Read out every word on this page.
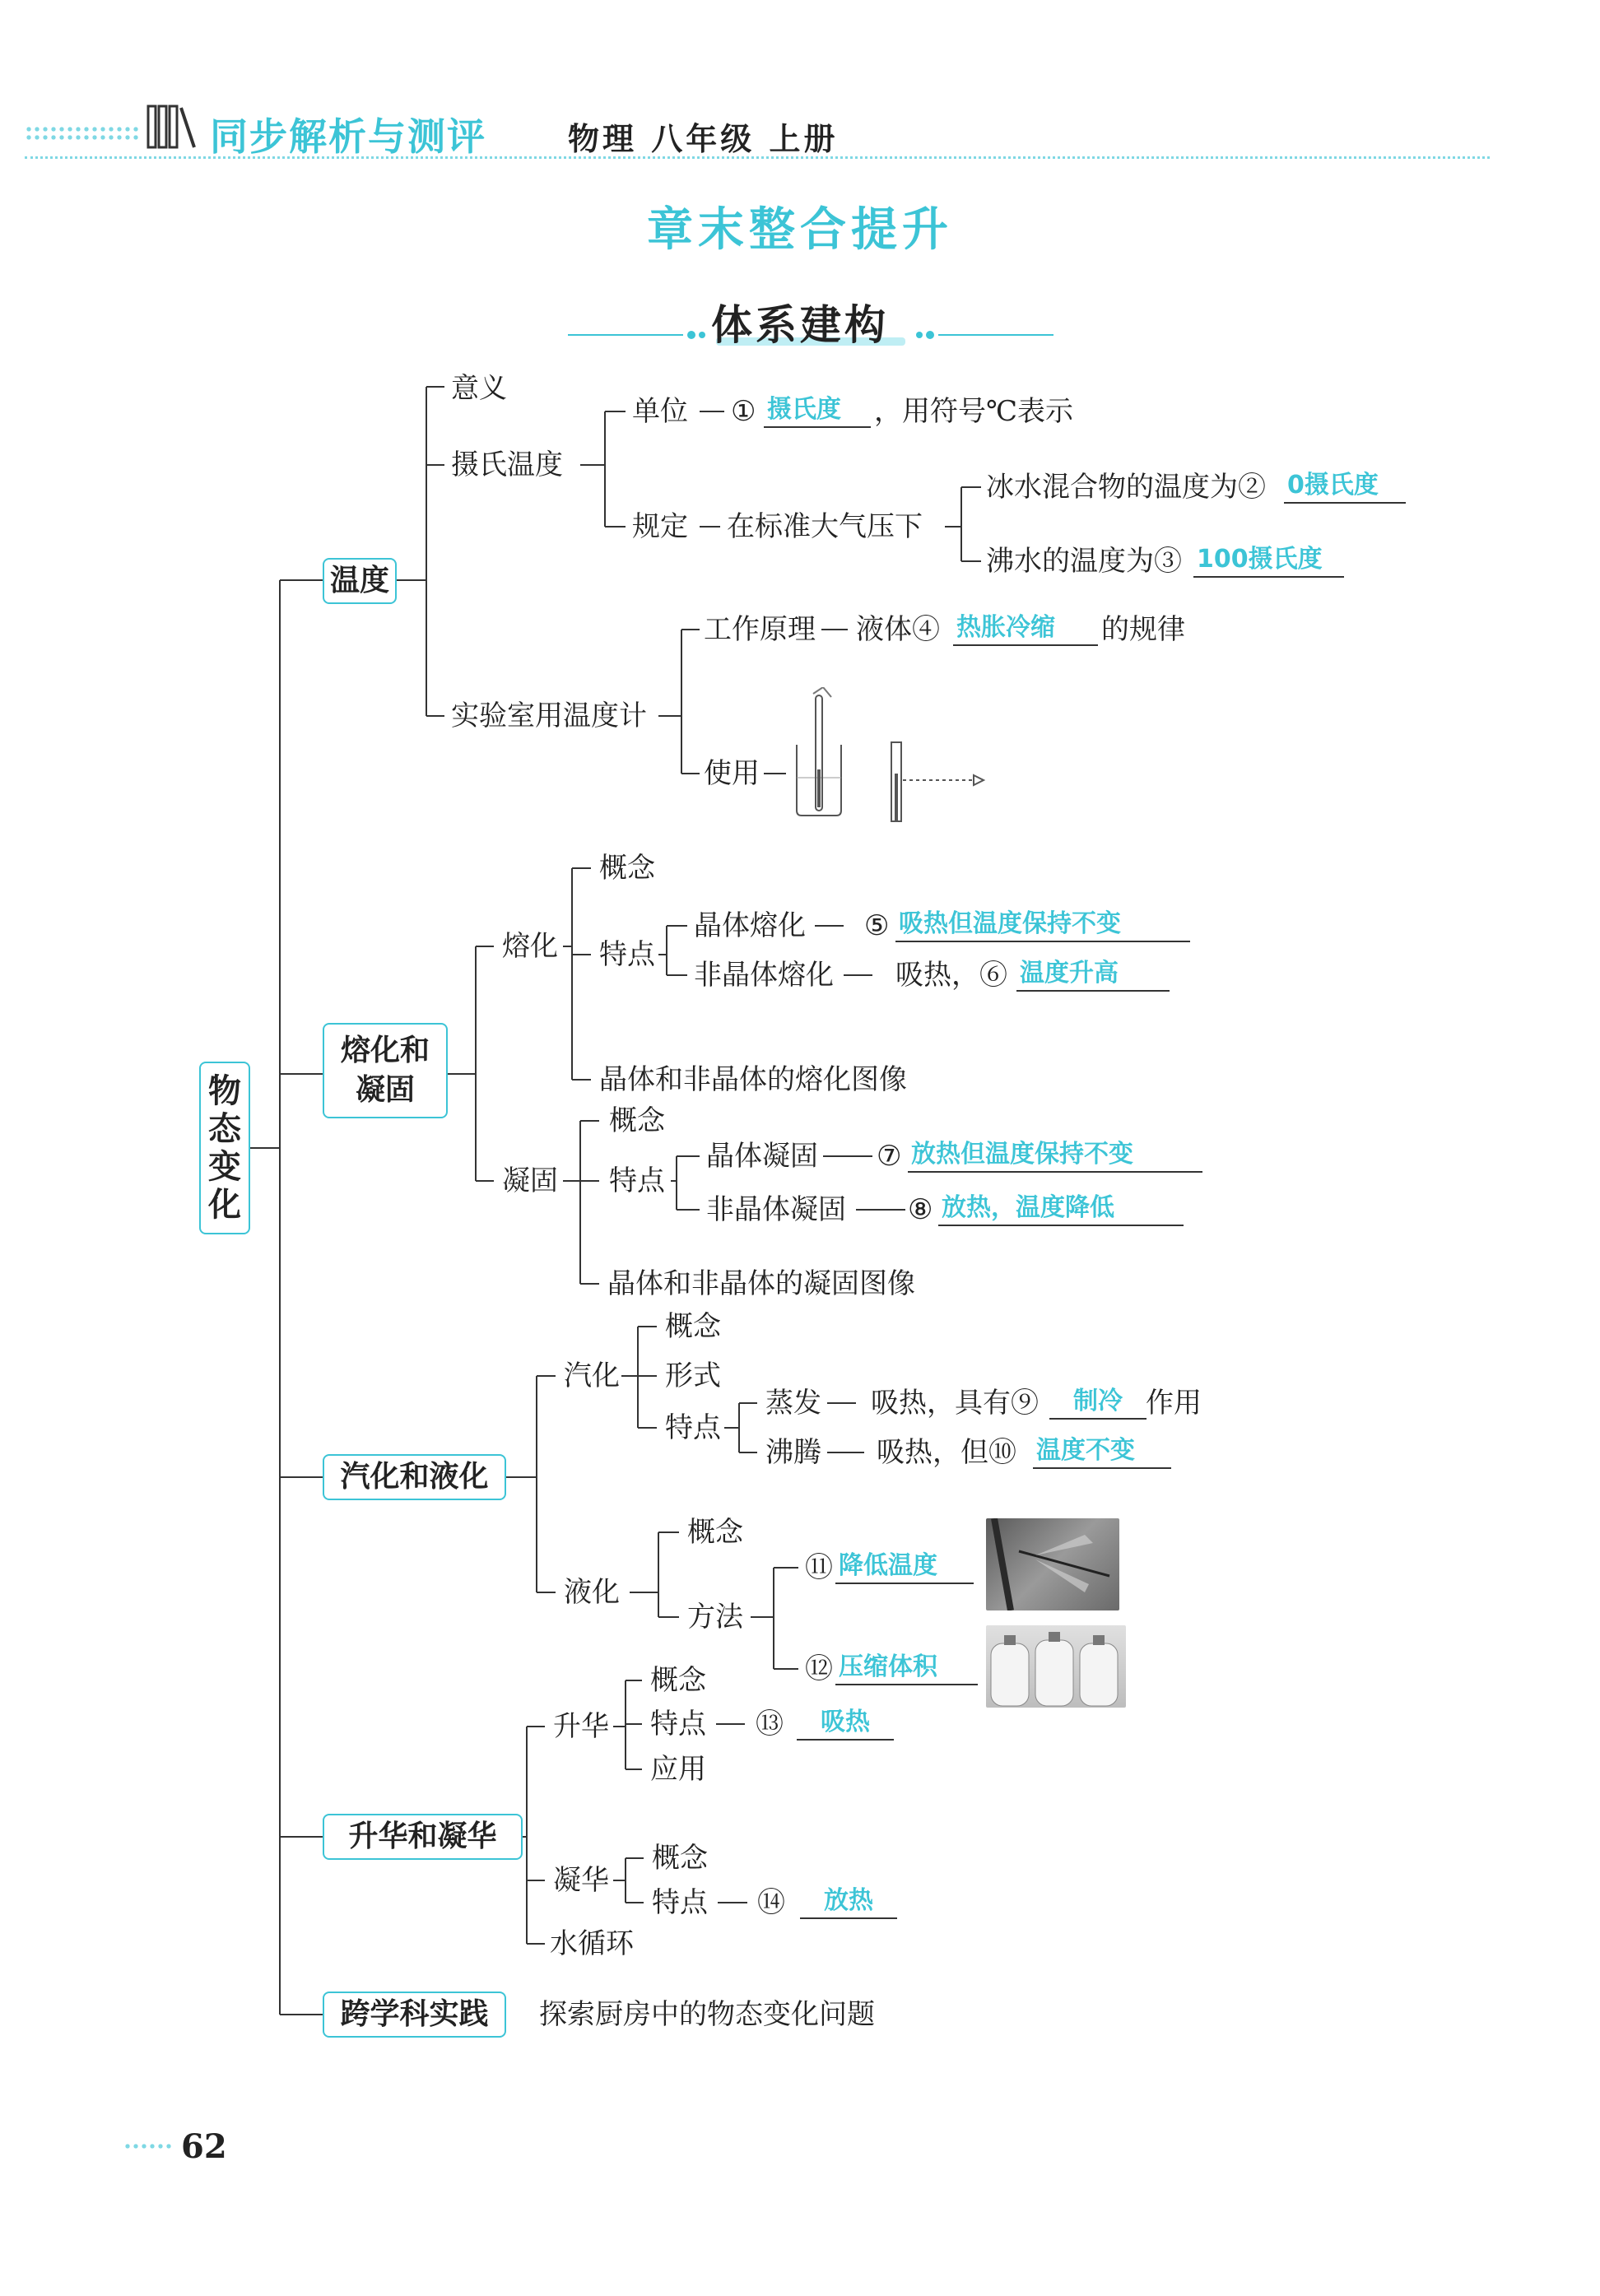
同步解析与测评	物理 八年级 上册
章末整合提升
体系建构
物态变化
温度
熔化和凝固
汽化和液化
升华和凝华
跨学科实践
意义
摄氏温度
单位 ① 摄氏度	，用符号℃表示
规定 在标准大气压下
冰水混合物的温度为② 0摄氏度
沸水的温度为③ 100摄氏度
实验室用温度计
工作原理 液体④ 热胀冷缩	的规律
使用
熔化
概念
特点
晶体熔化 ⑤ 吸热但温度保持不变
非晶体熔化 吸热，⑥ 温度升高
晶体和非晶体的熔化图像
凝固
概念
特点
晶体凝固 ⑦ 放热但温度保持不变
非晶体凝固 ⑧ 放热，温度降低
晶体和非晶体的凝固图像
汽化
概念
形式
特点
蒸发 吸热，具有⑨	制冷 作用
沸腾 吸热，但⑩ 温度不变
液化
概念
方法
⑪ 降低温度
⑫ 压缩体积
升华
概念
特点 ⑬	吸热
应用
凝华
概念
特点 ⑭	放热
水循环
探索厨房中的物态变化问题
62
